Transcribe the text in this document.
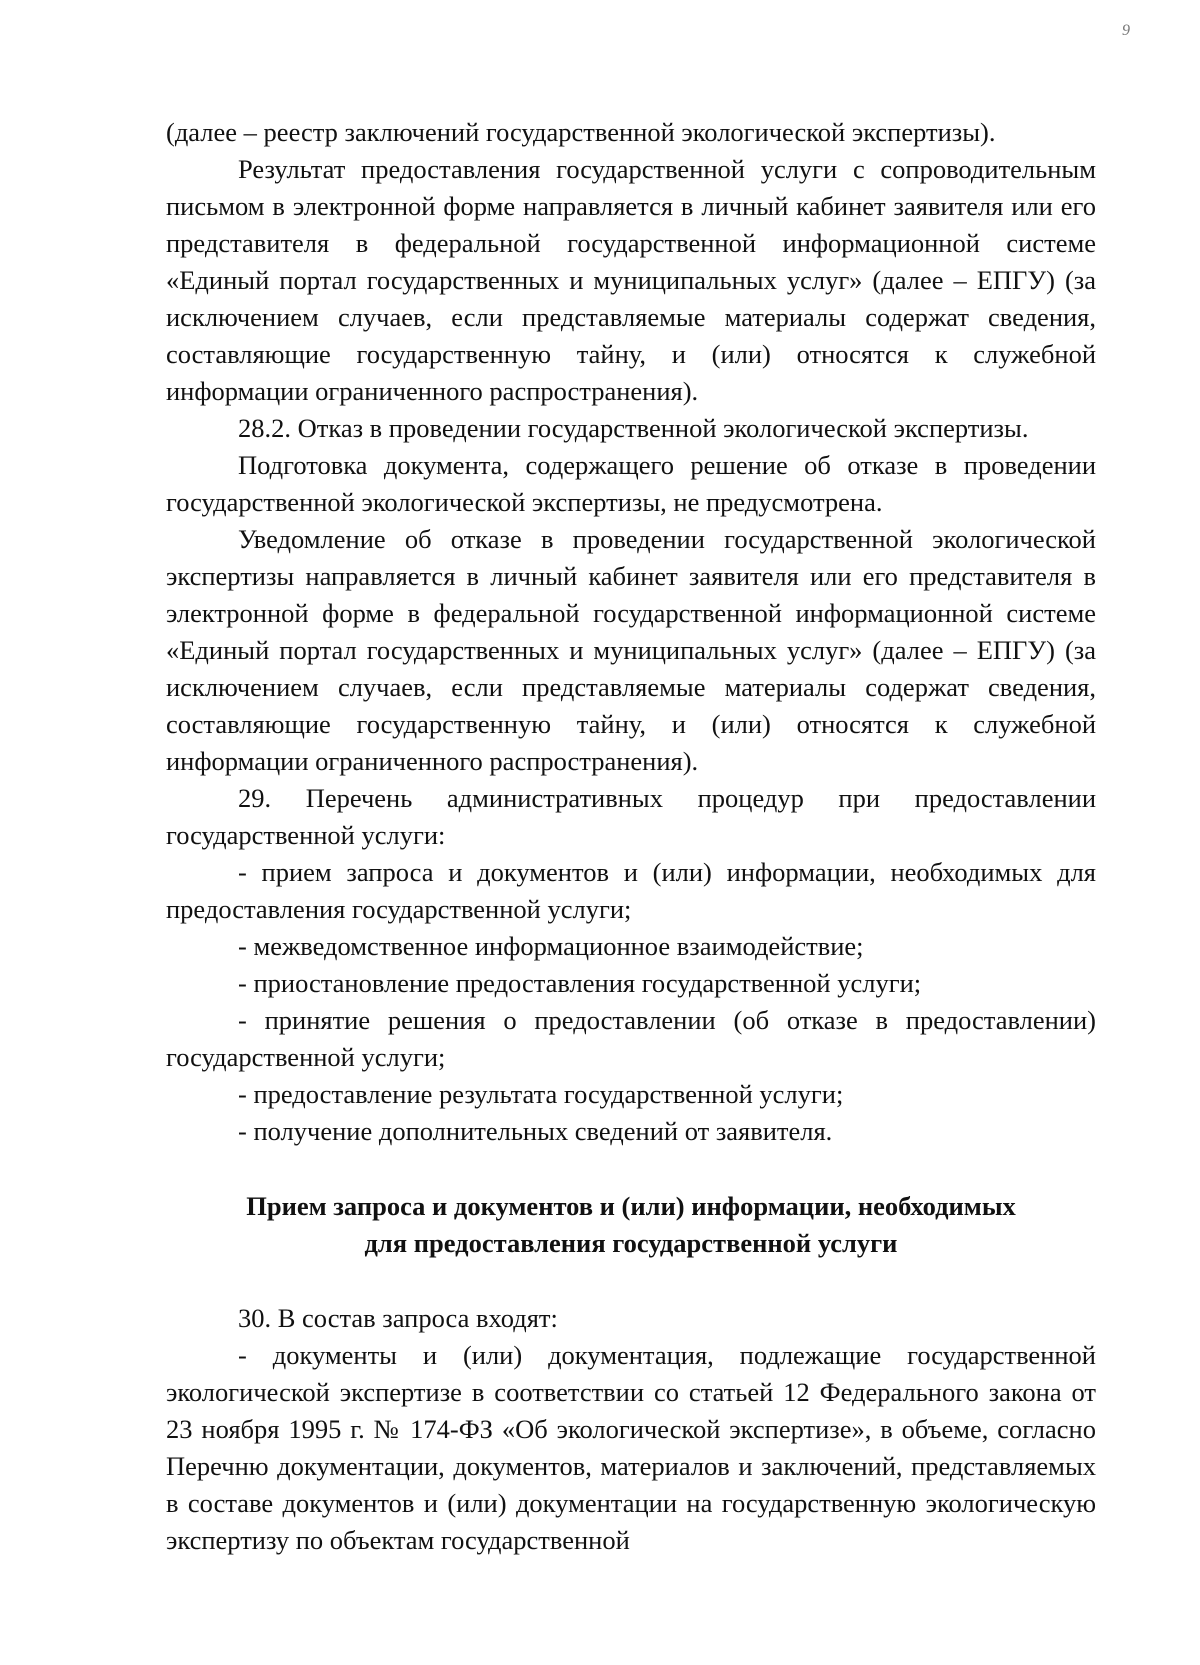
9

(далее – реестр заключений государственной экологической экспертизы).

Результат предоставления государственной услуги с сопроводительным письмом в электронной форме направляется в личный кабинет заявителя или его представителя в федеральной государственной информационной системе «Единый портал государственных и муниципальных услуг» (далее – ЕПГУ) (за исключением случаев, если представляемые материалы содержат сведения, составляющие государственную тайну, и (или) относятся к служебной информации ограниченного распространения).

28.2. Отказ в проведении государственной экологической экспертизы.

Подготовка документа, содержащего решение об отказе в проведении государственной экологической экспертизы, не предусмотрена.

Уведомление об отказе в проведении государственной экологической экспертизы направляется в личный кабинет заявителя или его представителя в электронной форме в федеральной государственной информационной системе «Единый портал государственных и муниципальных услуг» (далее – ЕПГУ) (за исключением случаев, если представляемые материалы содержат сведения, составляющие государственную тайну, и (или) относятся к служебной информации ограниченного распространения).

29. Перечень административных процедур при предоставлении государственной услуги:

- прием запроса и документов и (или) информации, необходимых для предоставления государственной услуги;

- межведомственное информационное взаимодействие;

- приостановление предоставления государственной услуги;

- принятие решения о предоставлении (об отказе в предоставлении) государственной услуги;

- предоставление результата государственной услуги;

- получение дополнительных сведений от заявителя.

Прием запроса и документов и (или) информации, необходимых

для предоставления государственной услуги

30. В состав запроса входят:

- документы и (или) документация, подлежащие государственной экологической экспертизе в соответствии со статьей 12 Федерального закона от 23 ноября 1995 г. № 174-ФЗ «Об экологической экспертизе», в объеме, согласно Перечню документации, документов, материалов и заключений, представляемых в составе документов и (или) документации на государственную экологическую экспертизу по объектам государственной
